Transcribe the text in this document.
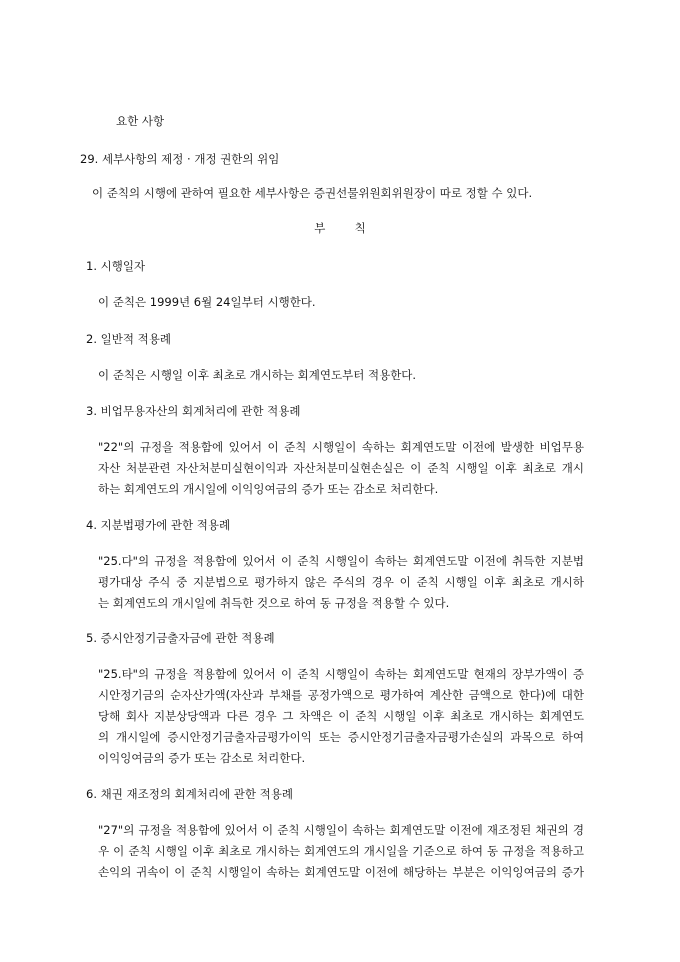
요한 사항
29. 세부사항의 제정 · 개정 권한의 위임
이 준칙의 시행에 관하여 필요한 세부사항은 증권선물위원회위원장이 따로 정할 수 있다.
부        칙
1. 시행일자
이 준칙은 1999년 6월 24일부터 시행한다.
2. 일반적 적용례
이 준칙은 시행일 이후 최초로 개시하는 회계연도부터 적용한다.
3. 비업무용자산의 회계처리에 관한 적용례
"22"의 규정을 적용함에 있어서 이 준칙 시행일이 속하는 회계연도말 이전에 발생한 비업무용
자산 처분관련 자산처분미실현이익과 자산처분미실현손실은 이 준칙 시행일 이후 최초로 개시
하는 회계연도의 개시일에 이익잉여금의 증가 또는 감소로 처리한다.
4. 지분법평가에 관한 적용례
"25.다"의 규정을 적용함에 있어서 이 준칙 시행일이 속하는 회계연도말 이전에 취득한 지분법
평가대상 주식 중 지분법으로 평가하지 않은 주식의 경우 이 준칙 시행일 이후 최초로 개시하
는 회계연도의 개시일에 취득한 것으로 하여 동 규정을 적용할 수 있다.
5. 증시안정기금출자금에 관한 적용례
"25.타"의 규정을 적용함에 있어서 이 준칙 시행일이 속하는 회계연도말 현재의 장부가액이 증
시안정기금의 순자산가액(자산과 부채를 공정가액으로 평가하여 계산한 금액으로 한다)에 대한
당해 회사 지분상당액과 다른 경우 그 차액은 이 준칙 시행일 이후 최초로 개시하는 회계연도
의 개시일에 증시안정기금출자금평가이익 또는 증시안정기금출자금평가손실의 과목으로 하여
이익잉여금의 증가 또는 감소로 처리한다.
6. 채권 재조정의 회계처리에 관한 적용례
"27"의 규정을 적용함에 있어서 이 준칙 시행일이 속하는 회계연도말 이전에 재조정된 채권의 경
우 이 준칙 시행일 이후 최초로 개시하는 회계연도의 개시일을 기준으로 하여 동 규정을 적용하고
손익의 귀속이 이 준칙 시행일이 속하는 회계연도말 이전에 해당하는 부분은 이익잉여금의 증가
